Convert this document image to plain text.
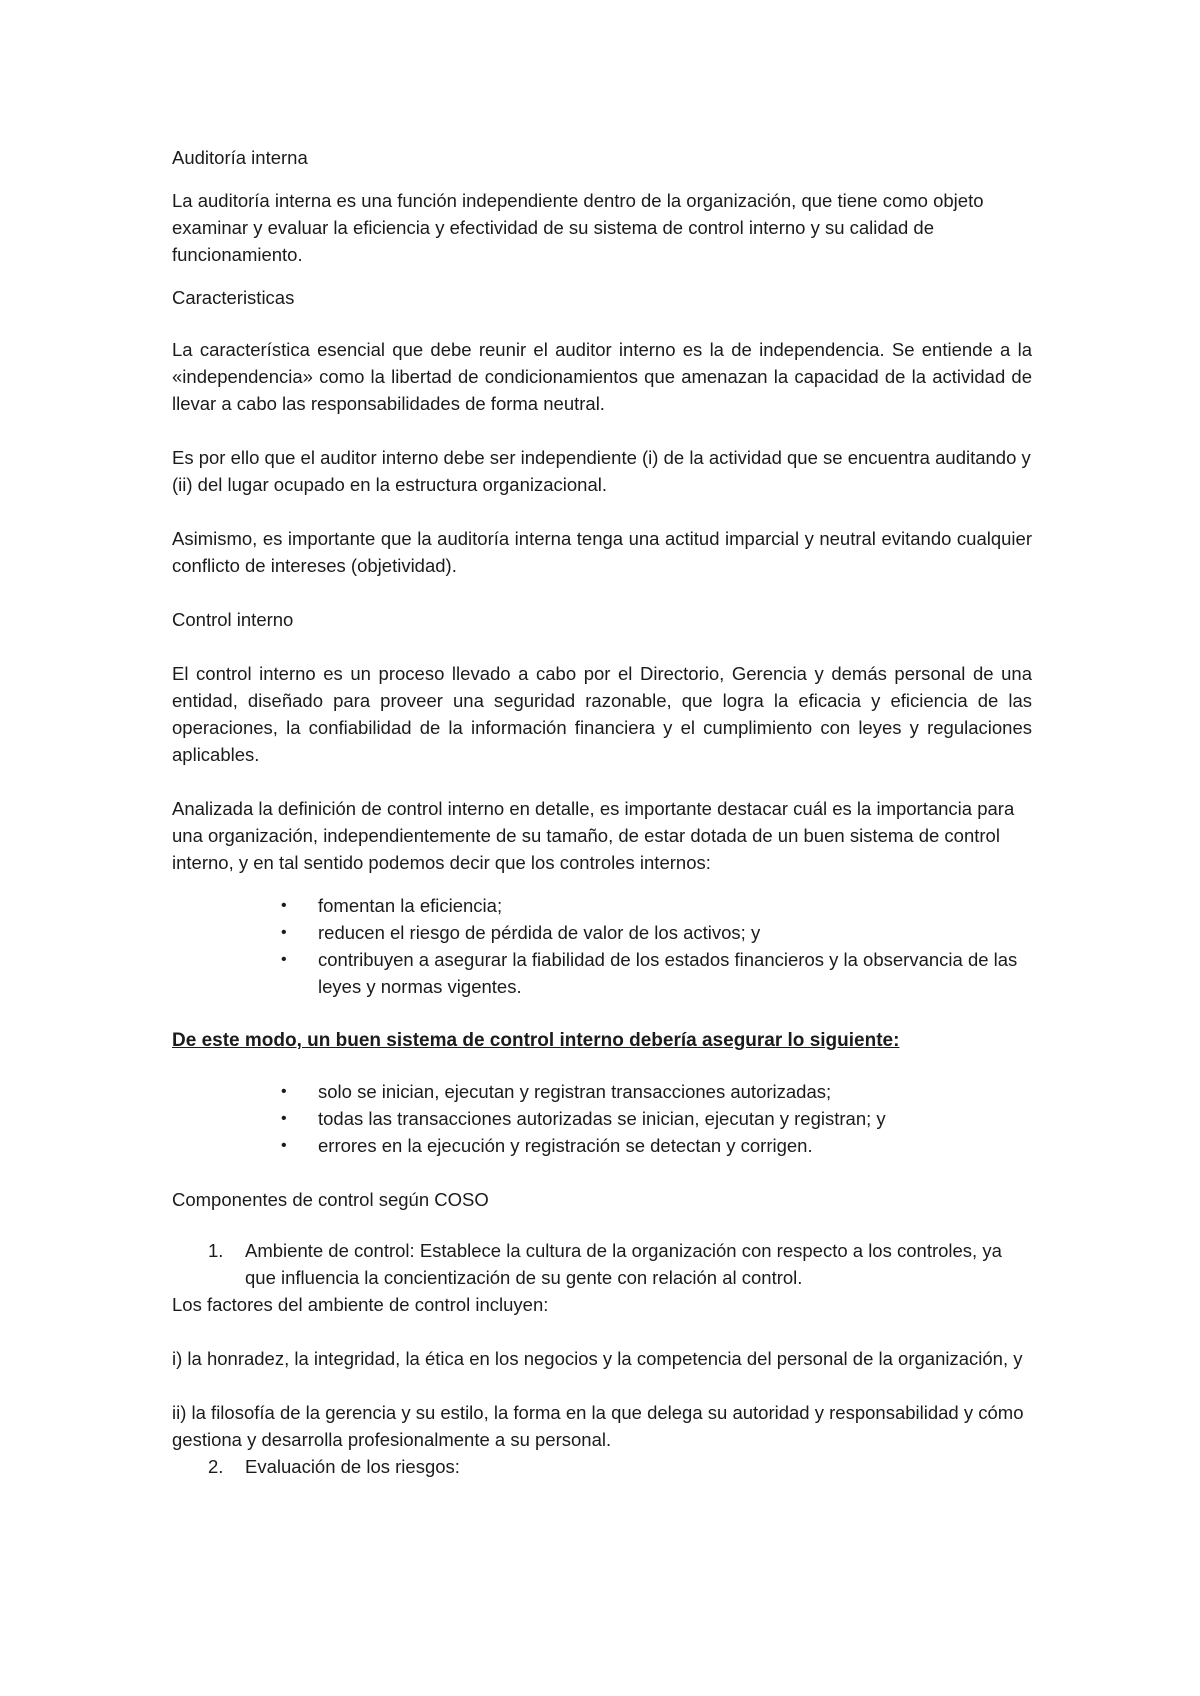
Auditoría interna

La auditoría interna es una función independiente dentro de la organización, que tiene como objeto examinar y evaluar la eficiencia y efectividad de su sistema de control interno y su calidad de funcionamiento.

Caracteristicas

La característica esencial que debe reunir el auditor interno es la de independencia. Se entiende a la «independencia» como la libertad de condicionamientos que amenazan la capacidad de la actividad de llevar a cabo las responsabilidades de forma neutral.

Es por ello que el auditor interno debe ser independiente (i) de la actividad que se encuentra auditando y (ii) del lugar ocupado en la estructura organizacional.

Asimismo, es importante que la auditoría interna tenga una actitud imparcial y neutral evitando cualquier conflicto de intereses (objetividad).

Control interno

El control interno es un proceso llevado a cabo por el Directorio, Gerencia y demás personal de una entidad, diseñado para proveer una seguridad razonable, que logra la eficacia y eficiencia de las operaciones, la confiabilidad de la información financiera y el cumplimiento con leyes y regulaciones aplicables.

Analizada la definición de control interno en detalle, es importante destacar cuál es la importancia para una organización, independientemente de su tamaño, de estar dotada de un buen sistema de control interno, y en tal sentido podemos decir que los controles internos:

• fomentan la eficiencia;
• reducen el riesgo de pérdida de valor de los activos; y
• contribuyen a asegurar la fiabilidad de los estados financieros y la observancia de las leyes y normas vigentes.

De este modo, un buen sistema de control interno debería asegurar lo siguiente:

• solo se inician, ejecutan y registran transacciones autorizadas;
• todas las transacciones autorizadas se inician, ejecutan y registran; y
• errores en la ejecución y registración se detectan y corrigen.

Componentes de control según COSO

1. Ambiente de control: Establece la cultura de la organización con respecto a los controles, ya que influencia la concientización de su gente con relación al control.

Los factores del ambiente de control incluyen:

i) la honradez, la integridad, la ética en los negocios y la competencia del personal de la organización, y

ii) la filosofía de la gerencia y su estilo, la forma en la que delega su autoridad y responsabilidad y cómo gestiona y desarrolla profesionalmente a su personal.

2. Evaluación de los riesgos:
